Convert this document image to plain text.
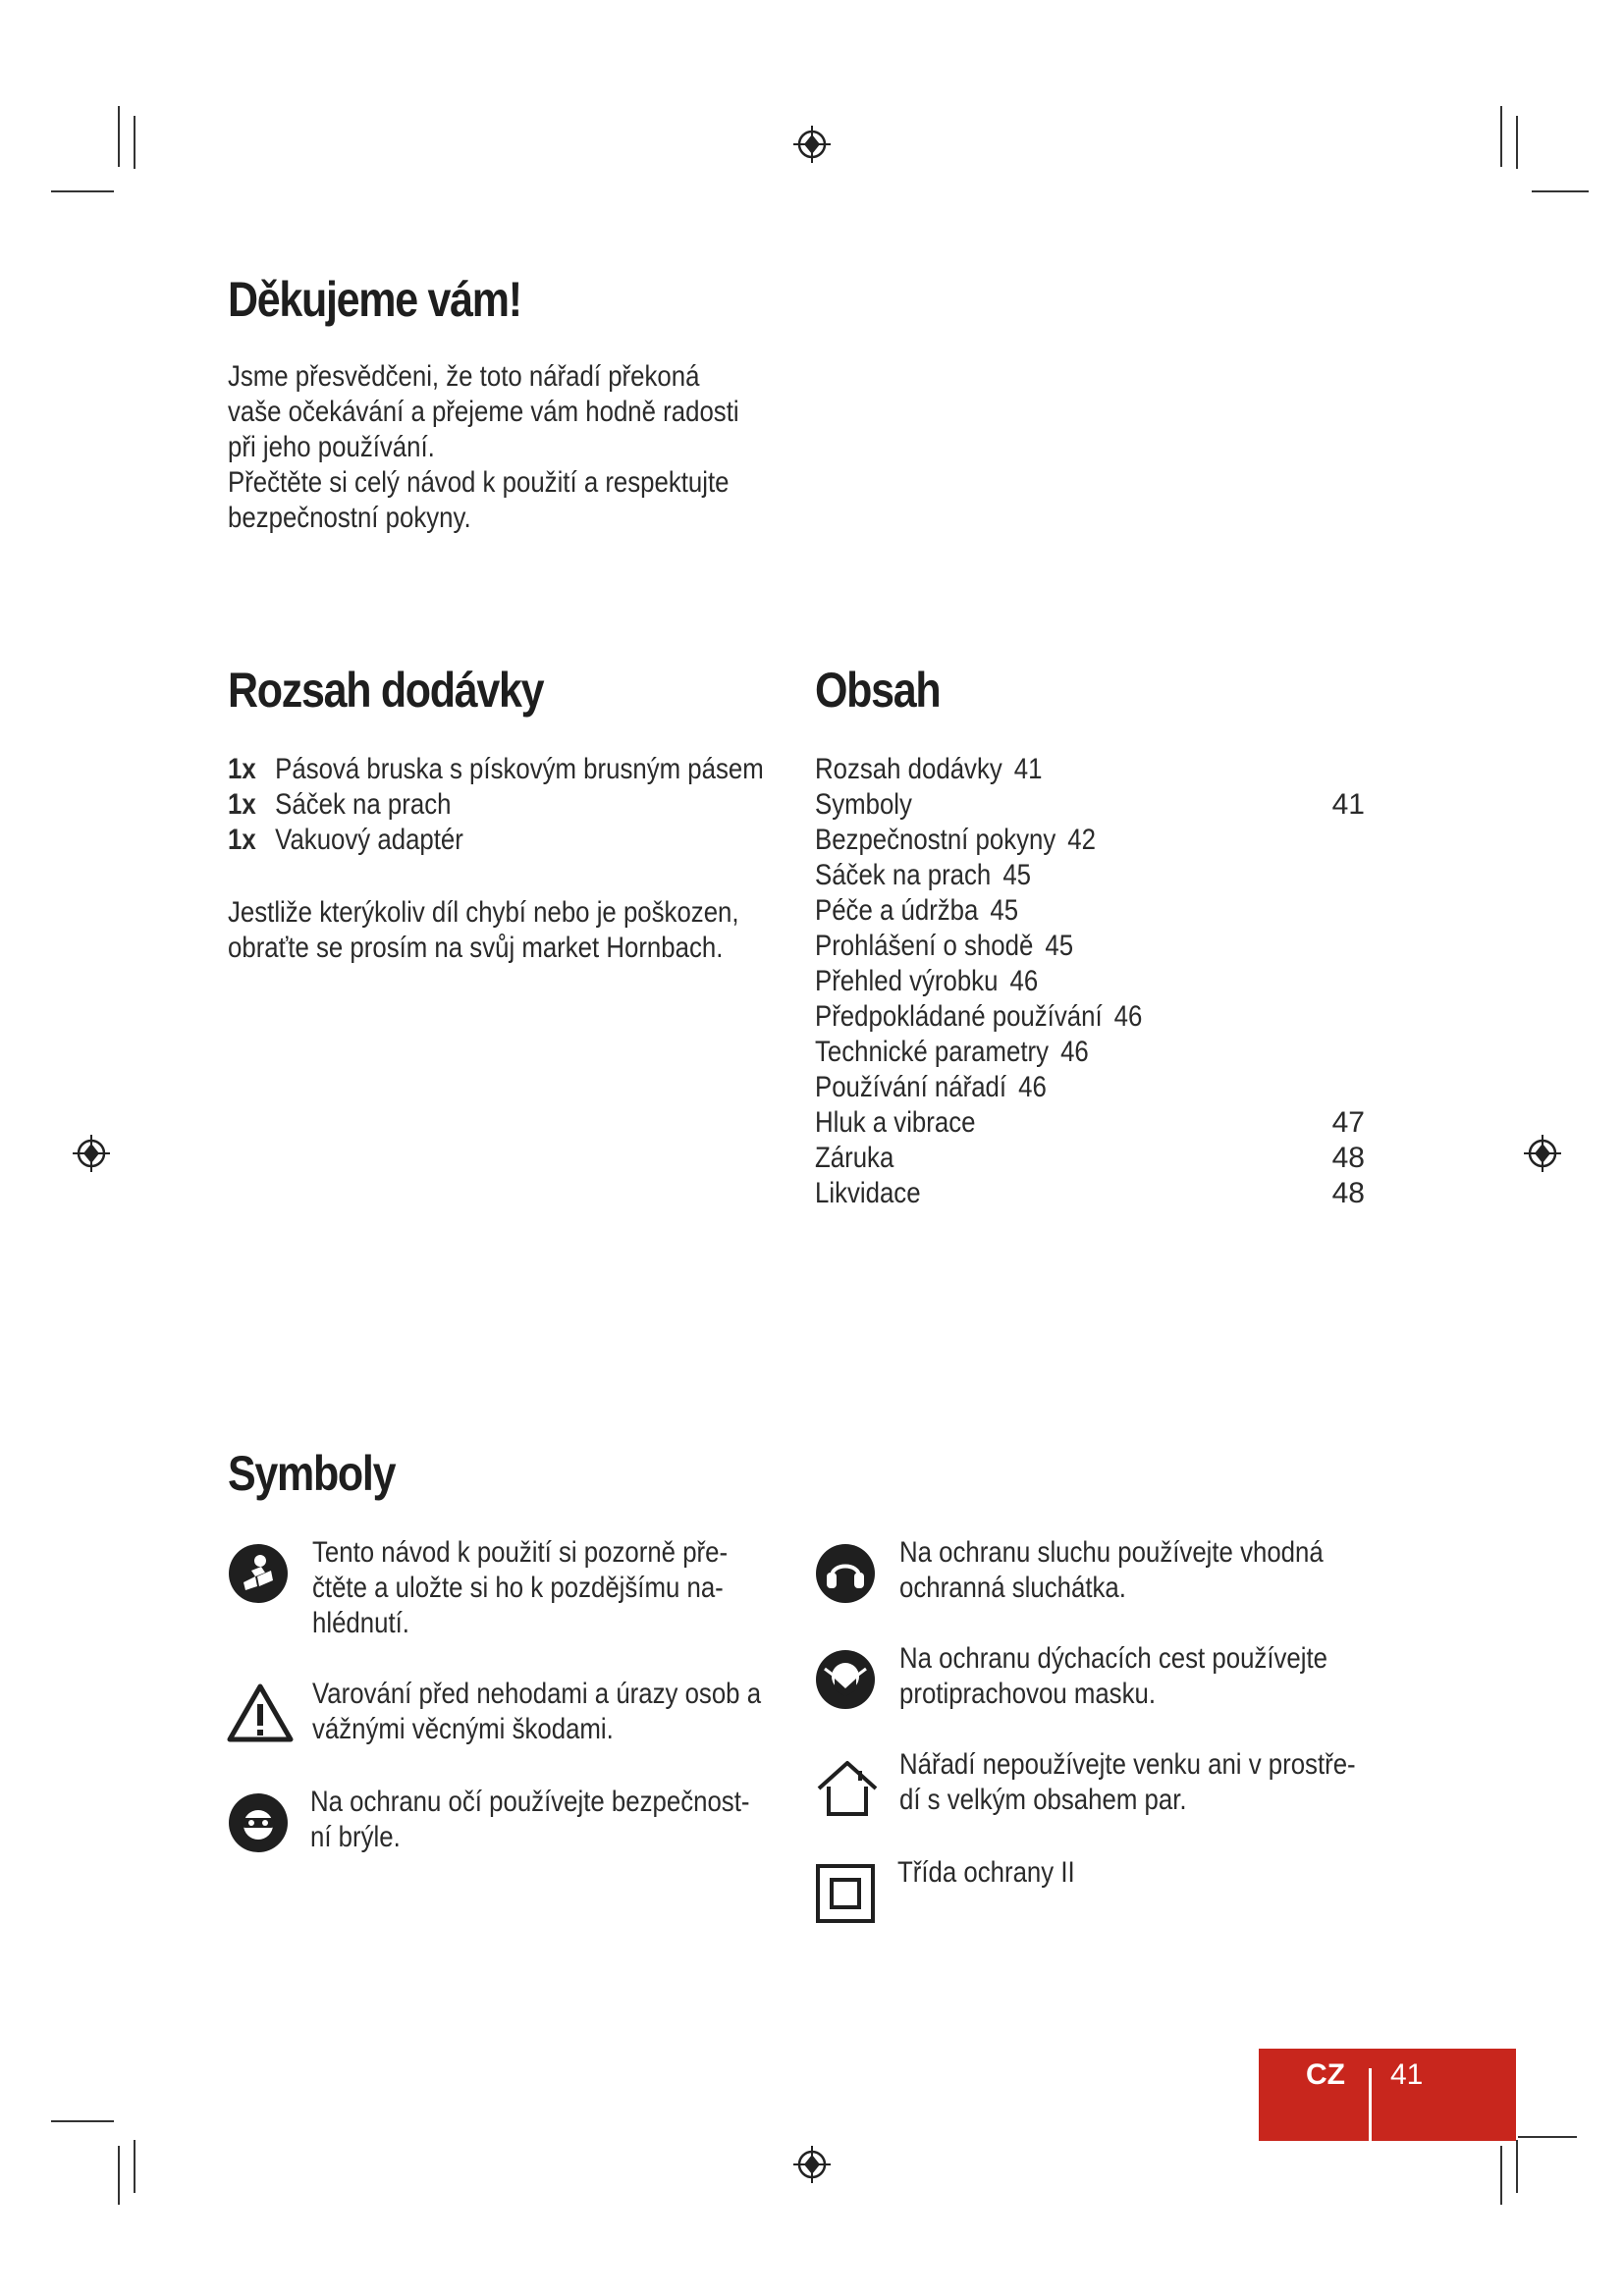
Děkujeme vám!
Jsme přesvědčeni, že toto nářadí překoná
vaše očekávání a přejeme vám hodně radosti
při jeho používání.
Přečtěte si celý návod k použití a respektujte
bezpečnostní pokyny.
Rozsah dodávky
1x Pásová bruska s pískovým brusným pásem
1x Sáček na prach
1x Vakuový adaptér
Jestliže kterýkoliv díl chybí nebo je poškozen,
obraťte se prosím na svůj market Hornbach.
Obsah
Rozsah dodávky 41
41
Symboly
Bezpečnostní pokyny 42
Sáček na prach 45
Péče a údržba 45
Prohlášení o shodě 45
Přehled výrobku 46
Předpokládané používání 46
Technické parametry 46
Používání nářadí 46
47
Hluk a vibrace
48
Záruka
48
Likvidace
Symboly
Tento návod k použití si pozorně pře-
čtěte a uložte si ho k pozdějšímu na-
hlédnutí.
Varování před nehodami a úrazy osob a
vážnými věcnými škodami.
Na ochranu očí používejte bezpečnost-
ní brýle.
Na ochranu sluchu používejte vhodná
ochranná sluchátka.
Na ochranu dýchacích cest používejte
protiprachovou masku.
Nářadí nepoužívejte venku ani v prostře-
dí s velkým obsahem par.
Třída ochrany II
CZ 41
